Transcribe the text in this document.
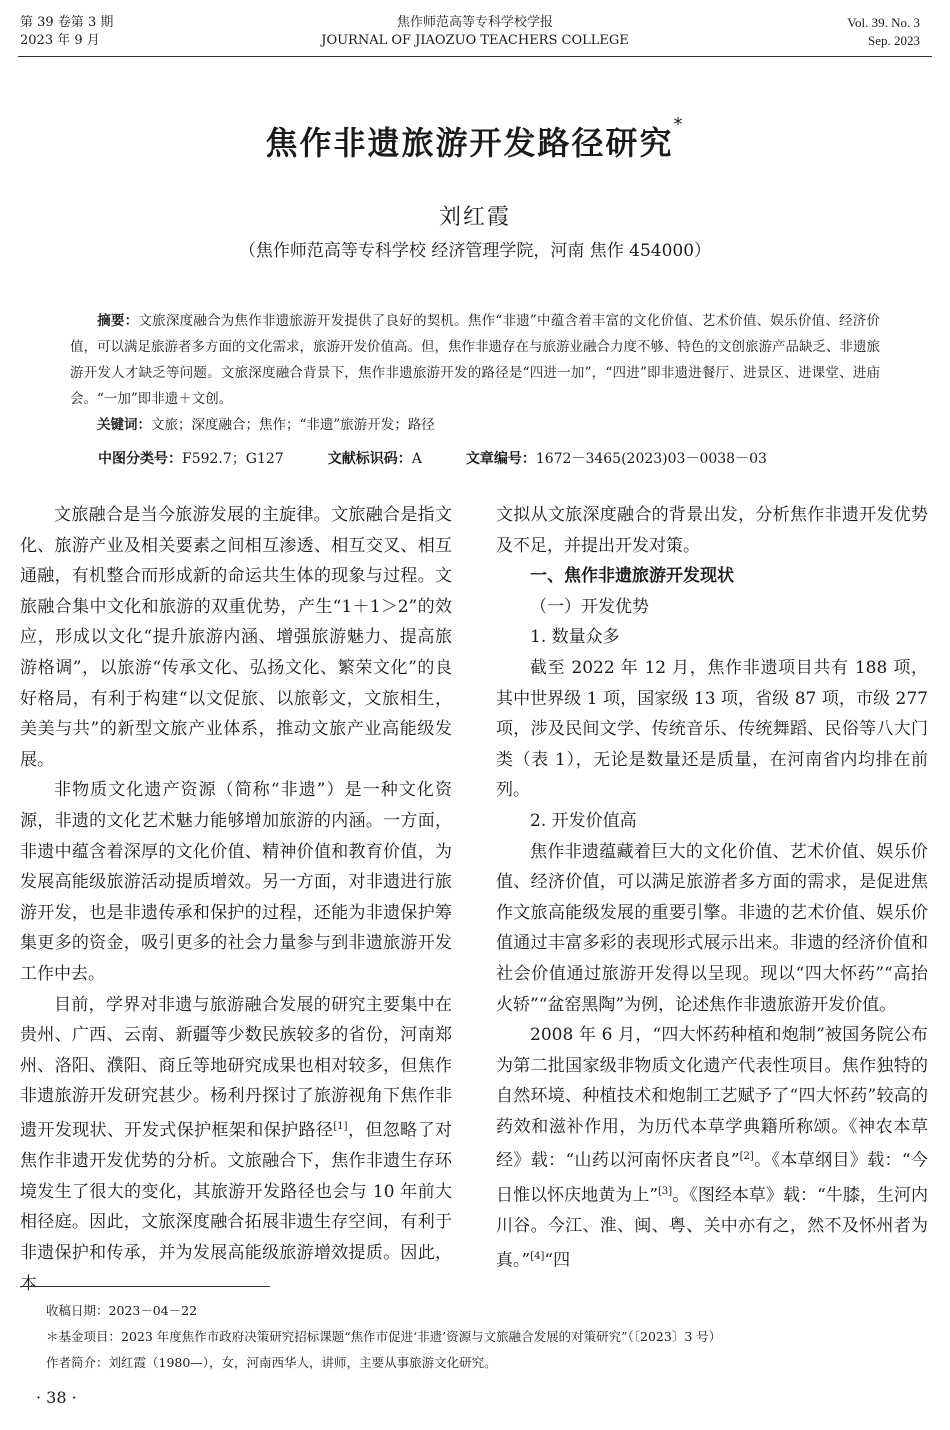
第 39 卷第 3 期
2023 年 9 月
焦作师范高等专科学校学报
JOURNAL OF JIAOZUO TEACHERS COLLEGE
Vol. 39. No. 3
Sep. 2023
焦作非遗旅游开发路径研究*
刘红霞
（焦作师范高等专科学校 经济管理学院，河南 焦作 454000）

  摘要：文旅深度融合为焦作非遗旅游开发提供了良好的契机。焦作“非遗”中蕴含着丰富的文化价值、艺术价值、娱乐价值、经济价值，可以满足旅游者多方面的文化需求，旅游开发价值高。但，焦作非遗存在与旅游业融合力度不够、特色的文创旅游产品缺乏、非遗旅游开发人才缺乏等问题。文旅深度融合背景下，焦作非遗旅游开发的路径是“四进一加”，“四进”即非遗进餐厅、进景区、进课堂、进庙会。“一加”即非遗＋文创。

  关键词：文旅；深度融合；焦作；“非遗”旅游开发；路径

  中图分类号：F592.7；G127	文献标识码：A	文章编号：1672－3465(2023)03－0038－03

文旅融合是当今旅游发展的主旋律。文旅融合是指文化、旅游产业及相关要素之间相互渗透、相互交叉、相互通融，有机整合而形成新的命运共生体的现象与过程。文旅融合集中文化和旅游的双重优势，产生“1＋1＞2”的效应，形成以文化“提升旅游内涵、增强旅游魅力、提高旅游格调”，以旅游“传承文化、弘扬文化、繁荣文化”的良好格局，有利于构建“以文促旅、以旅彰文，文旅相生，美美与共”的新型文旅产业体系，推动文旅产业高能级发展。

非物质文化遗产资源（简称“非遗”）是一种文化资源，非遗的文化艺术魅力能够增加旅游的内涵。一方面，非遗中蕴含着深厚的文化价值、精神价值和教育价值，为发展高能级旅游活动提质增效。另一方面，对非遗进行旅游开发，也是非遗传承和保护的过程，还能为非遗保护筹集更多的资金，吸引更多的社会力量参与到非遗旅游开发工作中去。

目前，学界对非遗与旅游融合发展的研究主要集中在贵州、广西、云南、新疆等少数民族较多的省份，河南郑州、洛阳、濮阳、商丘等地研究成果也相对较多，但焦作非遗旅游开发研究甚少。杨利丹探讨了旅游视角下焦作非遗开发现状、开发式保护框架和保护路径[1]，但忽略了对焦作非遗开发优势的分析。文旅融合下，焦作非遗生存环境发生了很大的变化，其旅游开发路径也会与 10 年前大相径庭。因此，文旅深度融合拓展非遗生存空间，有利于非遗保护和传承，并为发展高能级旅游增效提质。因此，本

文拟从文旅深度融合的背景出发，分析焦作非遗开发优势及不足，并提出开发对策。

一、焦作非遗旅游开发现状

（一）开发优势

1. 数量众多

截至 2022 年 12 月，焦作非遗项目共有 188 项，其中世界级 1 项，国家级 13 项，省级 87 项，市级 277 项，涉及民间文学、传统音乐、传统舞蹈、民俗等八大门类（表 1），无论是数量还是质量，在河南省内均排在前列。

2. 开发价值高

焦作非遗蕴藏着巨大的文化价值、艺术价值、娱乐价值、经济价值，可以满足旅游者多方面的需求，是促进焦作文旅高能级发展的重要引擎。非遗的艺术价值、娱乐价值通过丰富多彩的表现形式展示出来。非遗的经济价值和社会价值通过旅游开发得以呈现。现以“四大怀药”“高抬火轿”“盆窑黑陶”为例，论述焦作非遗旅游开发价值。

2008 年 6 月，“四大怀药种植和炮制”被国务院公布为第二批国家级非物质文化遗产代表性项目。焦作独特的自然环境、种植技术和炮制工艺赋予了“四大怀药”较高的药效和滋补作用，为历代本草学典籍所称颂。《神农本草经》载：“山药以河南怀庆者良”[2]。《本草纲目》载：“今日惟以怀庆地黄为上”[3]。《图经本草》载：“牛膝，生河内川谷。今江、淮、闽、粤、关中亦有之，然不及怀州者为真。”[4]“四

收稿日期：2023－04－22
＊基金项目：2023 年度焦作市政府决策研究招标课题“焦作市促进‘非遗’资源与文旅融合发展的对策研究”（〔2023〕3 号）
作者简介：刘红霞（1980—），女，河南西华人，讲师，主要从事旅游文化研究。
· 38 ·
